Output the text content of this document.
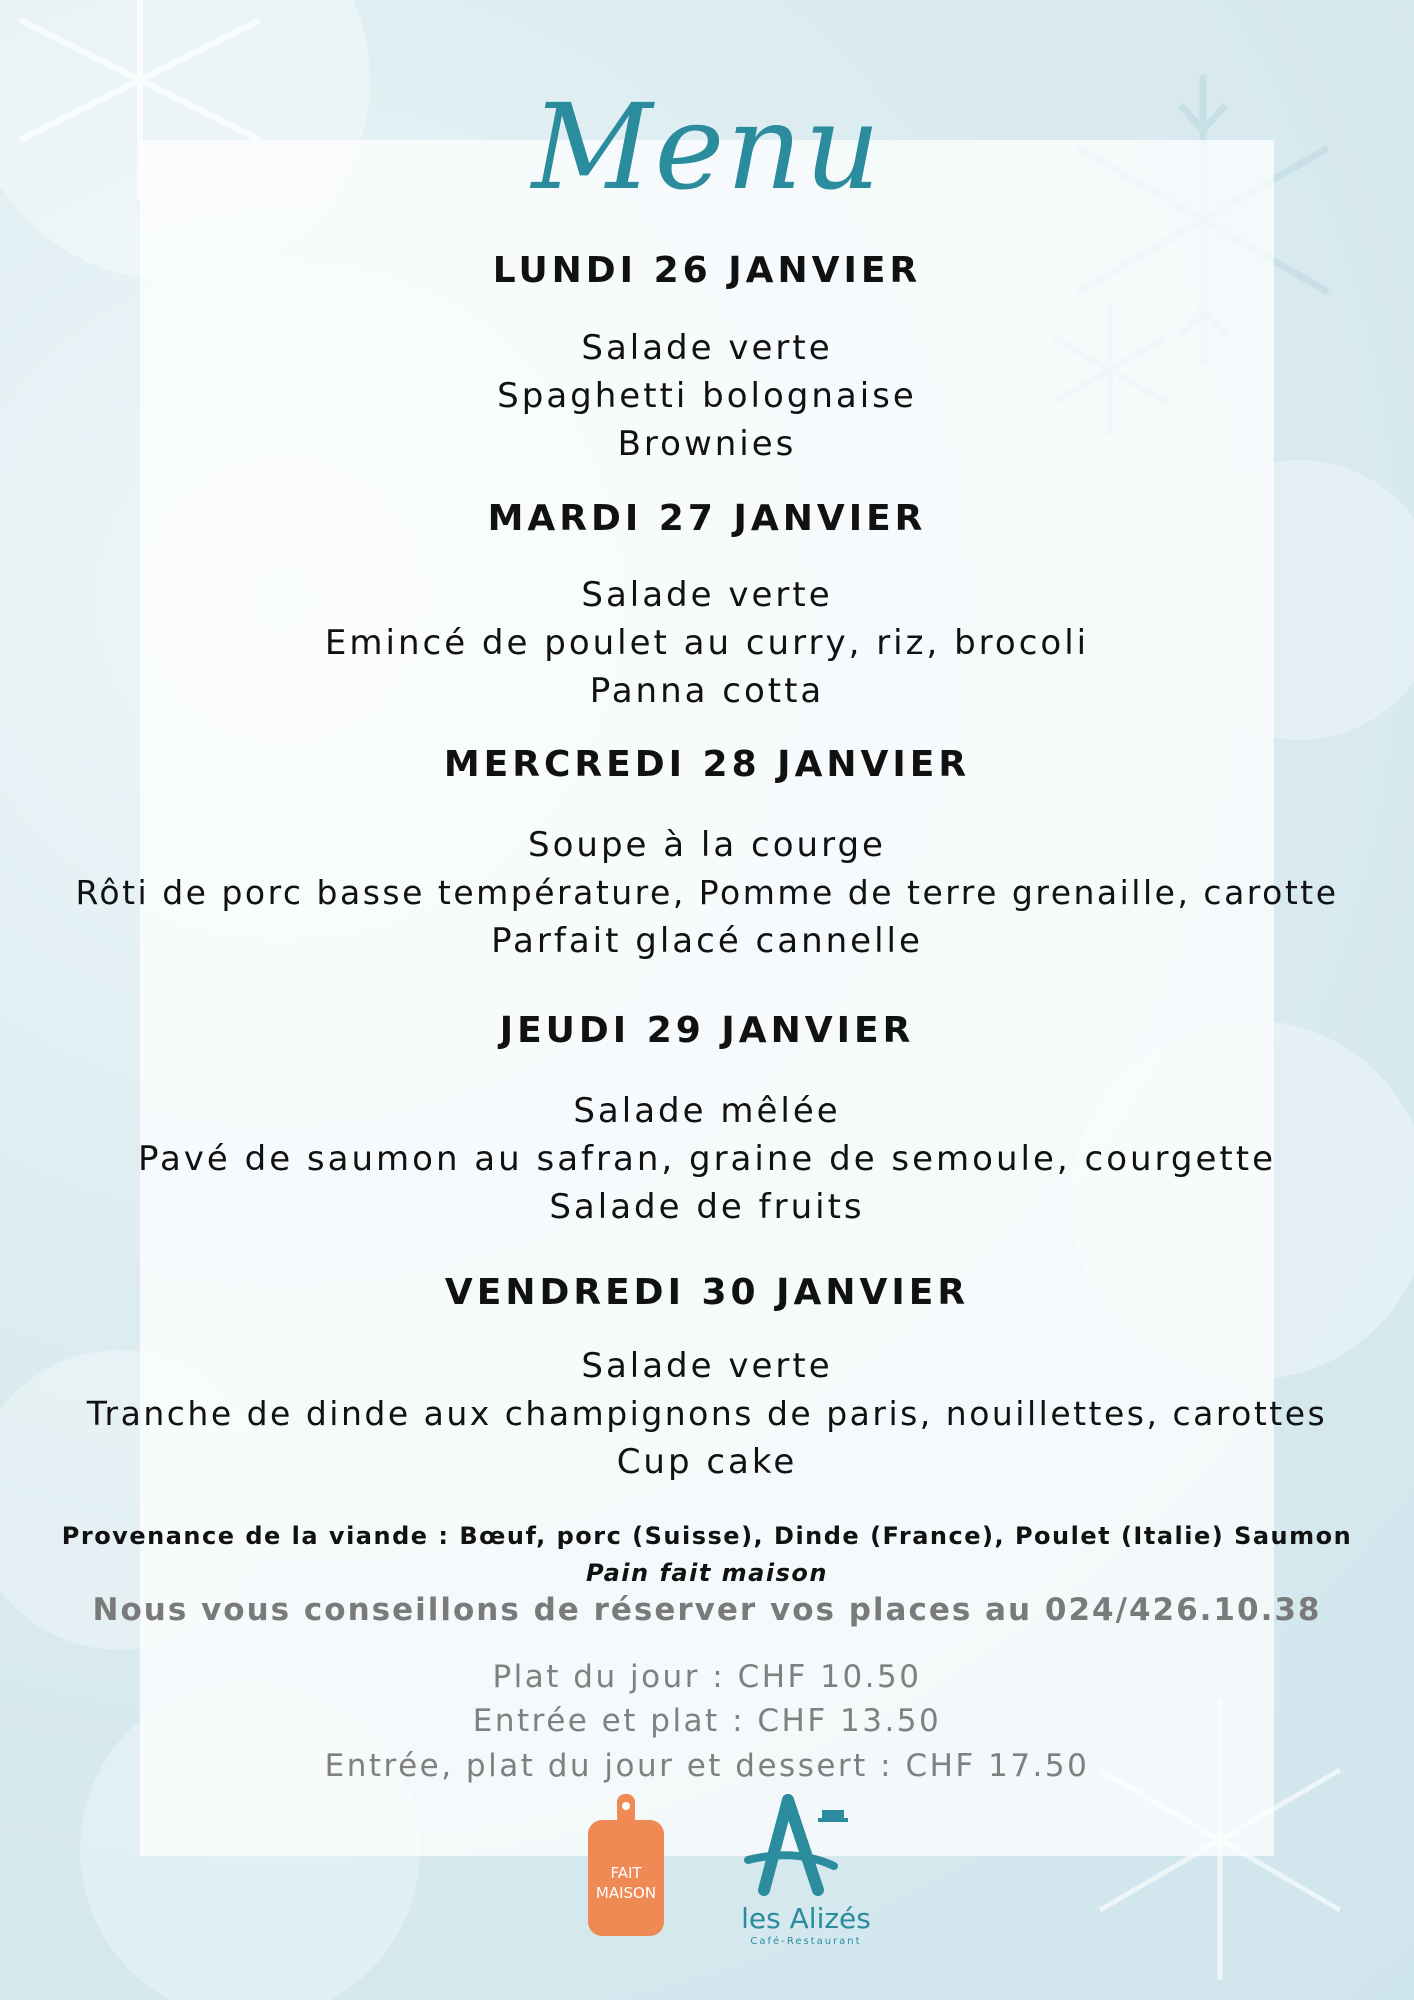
Menu
LUNDI 26 JANVIER
Salade verte
Spaghetti bolognaise
Brownies
MARDI 27 JANVIER
Salade verte
Emincé de poulet au curry, riz, brocoli
Panna cotta
MERCREDI 28 JANVIER
Soupe à la courge
Rôti de porc basse température, Pomme de terre grenaille, carotte
Parfait glacé cannelle
JEUDI 29 JANVIER
Salade mêlée
Pavé de saumon au safran, graine de semoule, courgette
Salade de fruits
VENDREDI 30 JANVIER
Salade verte
Tranche de dinde aux champignons de paris, nouillettes, carottes
Cup cake
Provenance de la viande : Bœuf, porc (Suisse), Dinde (France), Poulet (Italie) Saumon
Pain fait maison
Nous vous conseillons de réserver vos places au 024/426.10.38
Plat du jour : CHF 10.50
Entrée et plat : CHF 13.50
Entrée, plat du jour et dessert : CHF 17.50
FAIT
MAISON
les Alizés
Café-Restaurant
